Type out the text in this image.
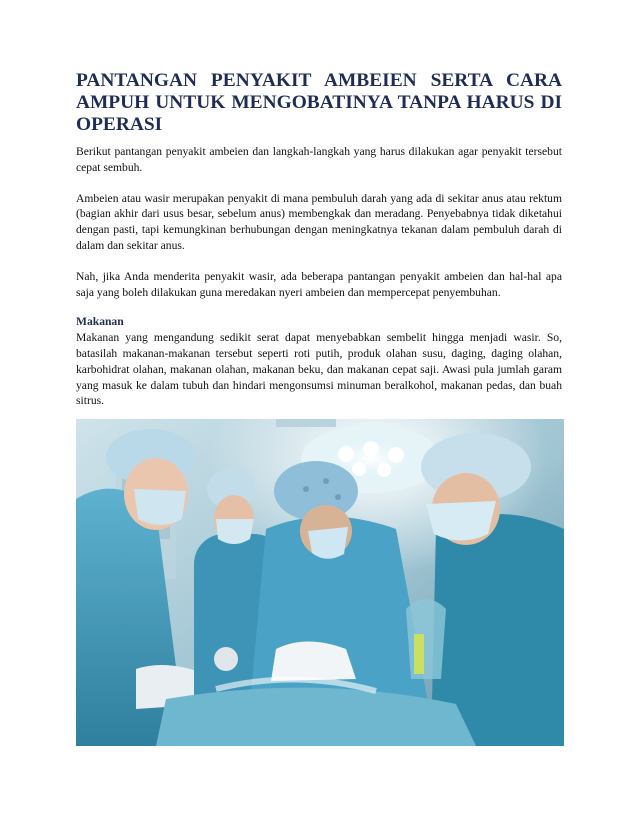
PANTANGAN PENYAKIT AMBEIEN SERTA CARA AMPUH UNTUK MENGOBATINYA TANPA HARUS DI OPERASI

Berikut pantangan penyakit ambeien dan langkah-langkah yang harus dilakukan agar penyakit tersebut cepat sembuh.

Ambeien atau wasir merupakan penyakit di mana pembuluh darah yang ada di sekitar anus atau rektum (bagian akhir dari usus besar, sebelum anus) membengkak dan meradang. Penyebabnya tidak diketahui dengan pasti, tapi kemungkinan berhubungan dengan meningkatnya tekanan dalam pembuluh darah di dalam dan sekitar anus.

Nah, jika Anda menderita penyakit wasir, ada beberapa pantangan penyakit ambeien dan hal-hal apa saja yang boleh dilakukan guna meredakan nyeri ambeien dan mempercepat penyembuhan.

Makanan

Makanan yang mengandung sedikit serat dapat menyebabkan sembelit hingga menjadi wasir. So, batasilah makanan-makanan tersebut seperti roti putih, produk olahan susu, daging, daging olahan, karbohidrat olahan, makanan olahan, makanan beku, dan makanan cepat saji. Awasi pula jumlah garam yang masuk ke dalam tubuh dan hindari mengonsumsi minuman beralkohol, makanan pedas, dan buah sitrus.
